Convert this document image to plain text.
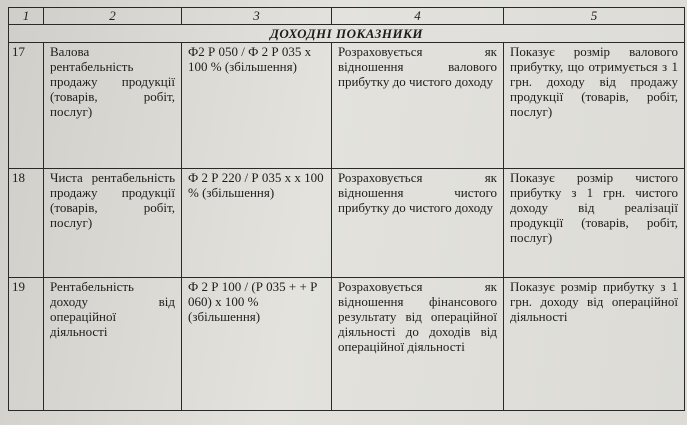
1	2	3	4	5
ДОХОДНІ ПОКАЗНИКИ				
17	Валова рентабельність продажу продукції (товарів, робіт, послуг)	Ф2 Р 050 / Ф 2 Р 035 х 100 % (збільшення)	Розраховується як відношення валового прибутку до чистого доходу	Показує розмір валового прибутку, що отримується з 1 грн. доходу від продажу продукції (товарів, робіт, послуг)
18	Чиста рентабельність продажу продукції (товарів, робіт, послуг)	Ф 2 Р 220 / Р 035 х х 100 % (збільшення)	Розраховується як відношення чистого прибутку до чистого доходу	Показує розмір чистого прибутку з 1 грн. чистого доходу від реалізації продукції (товарів, робіт, послуг)
19	Рентабельність доходу від операційної діяльності	Ф 2 Р 100 / (Р 035 + + Р 060) х 100 % (збільшення)	Розраховується як відношення фінансового результату від операційної діяльності до доходів від операційної діяльності	Показує розмір прибутку з 1 грн. доходу від операційної діяльності
